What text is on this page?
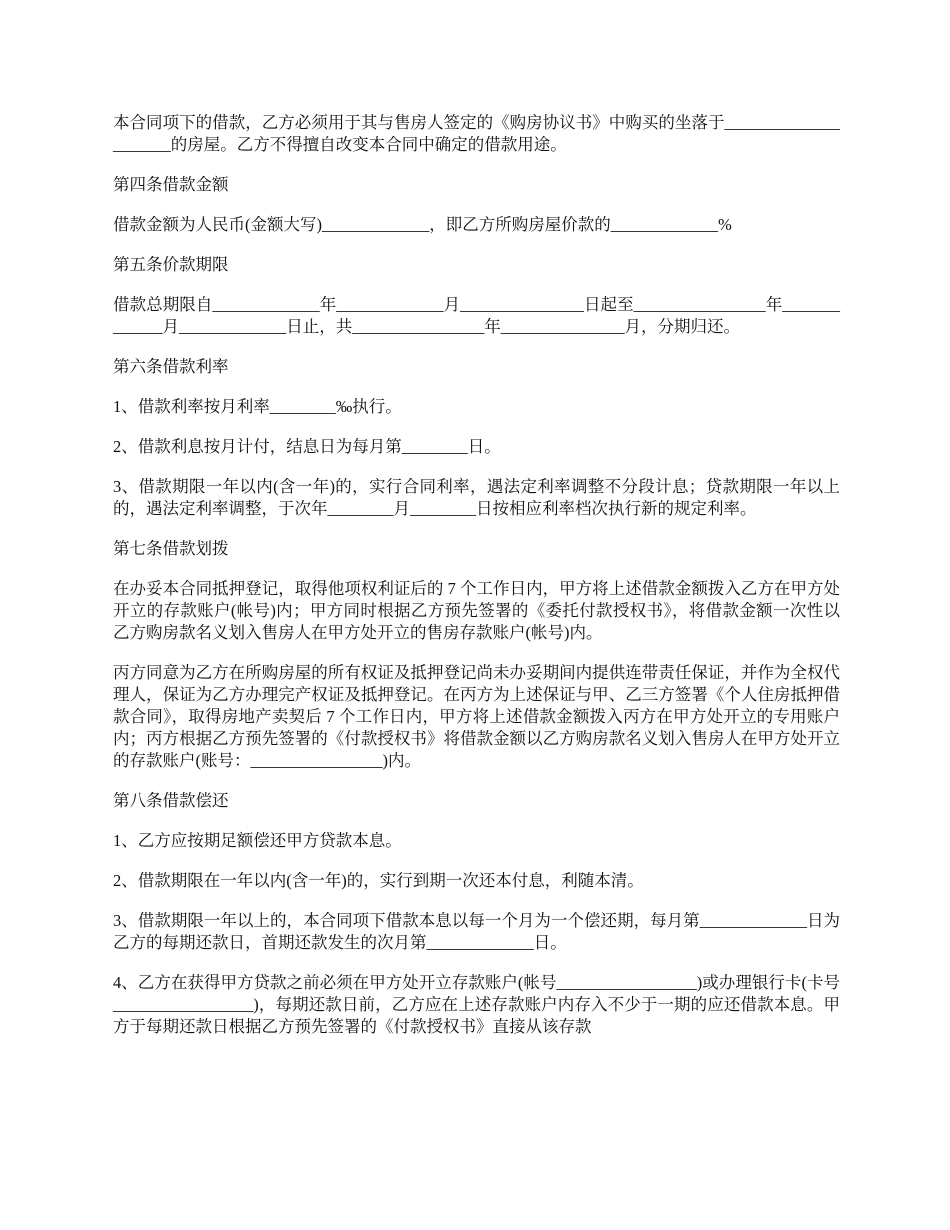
本合同项下的借款，乙方必须用于其与售房人签定的《购房协议书》中购买的坐落于_____________________的房屋。乙方不得擅自改变本合同中确定的借款用途。

第四条借款金额

借款金额为人民币(金额大写)_____________，即乙方所购房屋价款的_____________%

第五条价款期限

借款总期限自_____________年_____________月_______________日起至________________年_____________月_____________日止，共________________年_______________月，分期归还。

第六条借款利率

1、借款利率按月利率________‰执行。

2、借款利息按月计付，结息日为每月第________日。

3、借款期限一年以内(含一年)的，实行合同利率，遇法定利率调整不分段计息；贷款期限一年以上的，遇法定利率调整，于次年________月________日按相应利率档次执行新的规定利率。

第七条借款划拨

在办妥本合同抵押登记，取得他项权利证后的 7 个工作日内，甲方将上述借款金额拨入乙方在甲方处开立的存款账户(帐号)内；甲方同时根据乙方预先签署的《委托付款授权书》，将借款金额一次性以乙方购房款名义划入售房人在甲方处开立的售房存款账户(帐号)内。

丙方同意为乙方在所购房屋的所有权证及抵押登记尚未办妥期间内提供连带责任保证，并作为全权代理人，保证为乙方办理完产权证及抵押登记。在丙方为上述保证与甲、乙三方签署《个人住房抵押借款合同》，取得房地产卖契后 7 个工作日内，甲方将上述借款金额拨入丙方在甲方处开立的专用账户内；丙方根据乙方预先签署的《付款授权书》将借款金额以乙方购房款名义划入售房人在甲方处开立的存款账户(账号：________________)内。

第八条借款偿还

1、乙方应按期足额偿还甲方贷款本息。

2、借款期限在一年以内(含一年)的，实行到期一次还本付息，利随本清。

3、借款期限一年以上的，本合同项下借款本息以每一个月为一个偿还期，每月第_____________日为乙方的每期还款日，首期还款发生的次月第_____________日。

4、乙方在获得甲方贷款之前必须在甲方处开立存款账户(帐号_________________)或办理银行卡(卡号_________________)，每期还款日前，乙方应在上述存款账户内存入不少于一期的应还借款本息。甲方于每期还款日根据乙方预先签署的《付款授权书》直接从该存款
